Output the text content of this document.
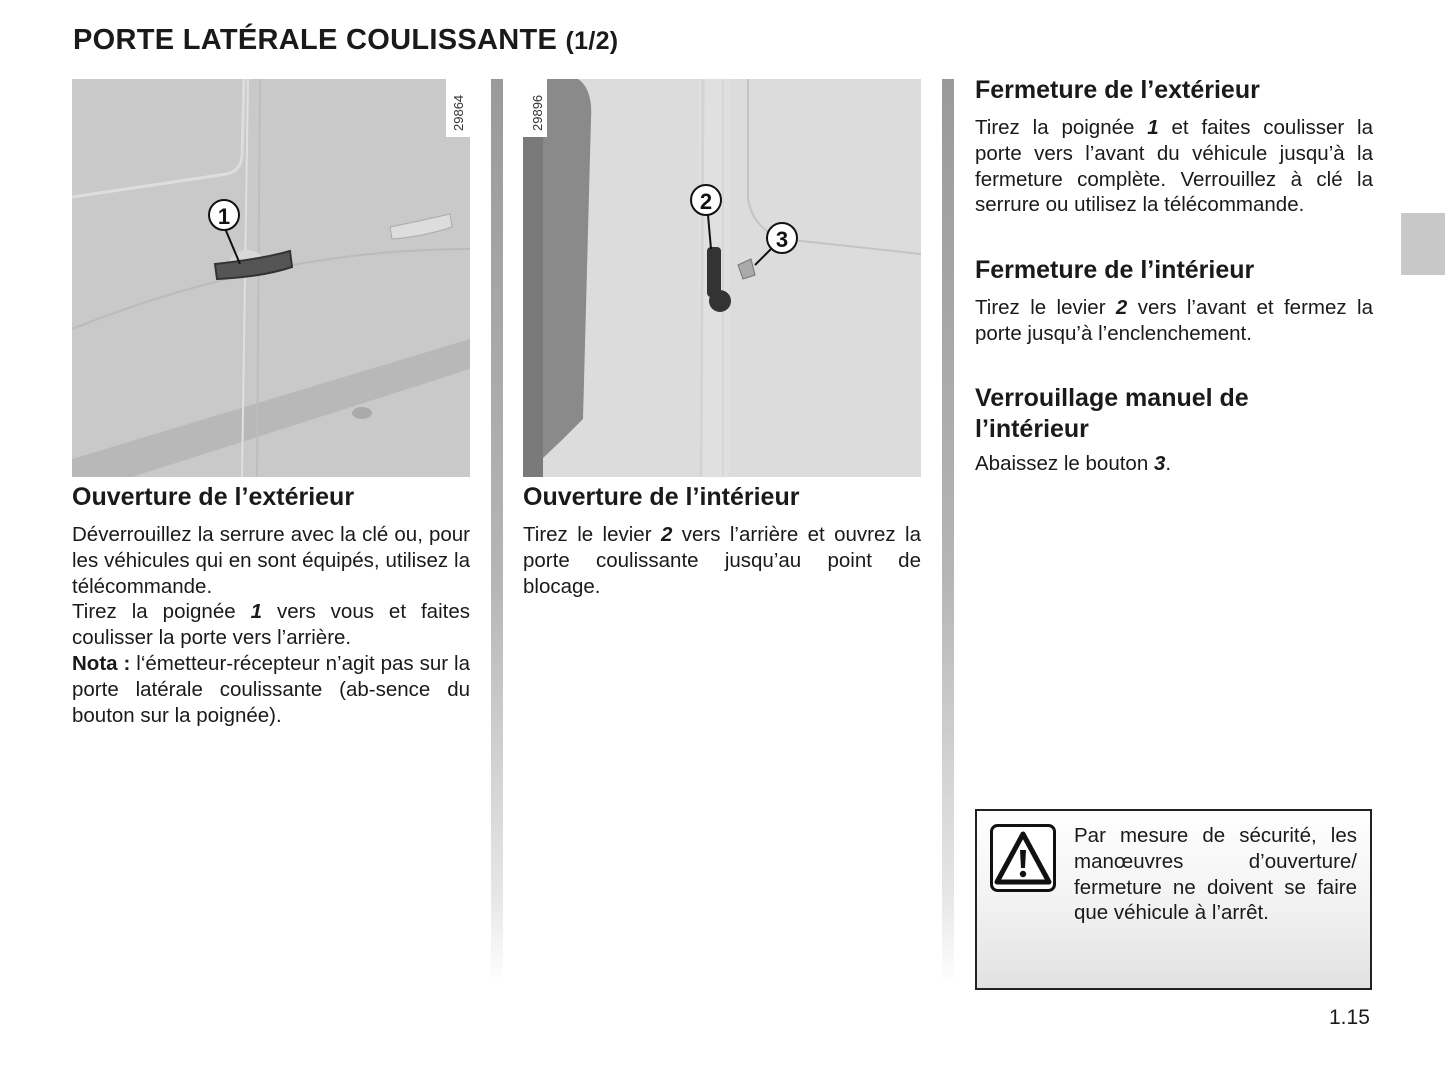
PORTE LATÉRALE COULISSANTE (1/2)
29864
1
29896
2
3
Ouverture de l’extérieur

Déverrouillez la serrure avec la clé ou, pour les véhicules qui en sont équipés, utilisez la télécommande.

Tirez la poignée 1 vers vous et faites coulisser la porte vers l’arrière.

Nota : l‘émetteur-récepteur n’agit pas sur la porte latérale coulissante (ab-sence du bouton sur la poignée).

Ouverture de l’intérieur

Tirez le levier 2 vers l’arrière et ouvrez la porte coulissante jusqu’au point de blocage.

Fermeture de l’extérieur

Tirez la poignée 1 et faites coulisser la porte vers l’avant du véhicule jusqu’à la fermeture complète. Verrouillez à clé la serrure ou utilisez la télécommande.

Fermeture de l’intérieur

Tirez le levier 2 vers l’avant et fermez la porte jusqu’à l’enclenchement.

Verrouillage manuel de l’intérieur

Abaissez le bouton 3.

Par mesure de sécurité, les manœuvres d’ouverture/ fermeture ne doivent se faire que véhicule à l’arrêt.

1.15
